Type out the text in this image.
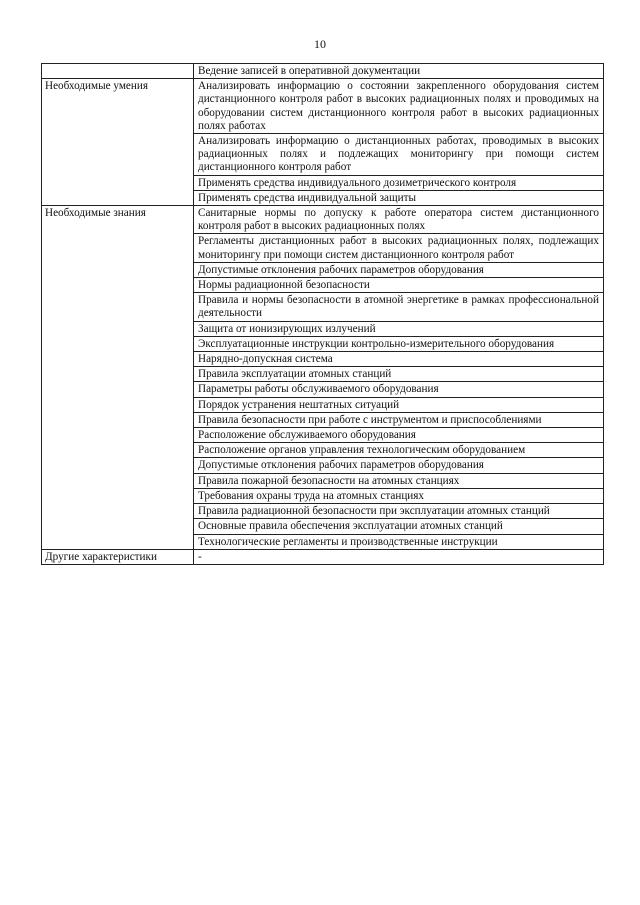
10
	Ведение записей в оперативной документации
Необходимые умения	Анализировать информацию о состоянии закрепленного оборудования систем дистанционного контроля работ в высоких радиационных полях и проводимых на оборудовании систем дистанционного контроля работ в высоких радиационных полях работах
	Анализировать информацию о дистанционных работах, проводимых в высоких радиационных полях и подлежащих мониторингу при помощи систем дистанционного контроля работ
	Применять средства индивидуального дозиметрического контроля
	Применять средства индивидуальной защиты
Необходимые знания	Санитарные нормы по допуску к работе оператора систем дистанционного контроля работ в высоких радиационных полях
	Регламенты дистанционных работ в высоких радиационных полях, подлежащих мониторингу при помощи систем дистанционного контроля работ
	Допустимые отклонения рабочих параметров оборудования
	Нормы радиационной безопасности
	Правила и нормы безопасности в атомной энергетике в рамках профессиональной деятельности
	Защита от ионизирующих излучений
	Эксплуатационные инструкции контрольно-измерительного оборудования
	Нарядно-допускная система
	Правила эксплуатации атомных станций
	Параметры работы обслуживаемого оборудования
	Порядок устранения нештатных ситуаций
	Правила безопасности при работе с инструментом и приспособлениями
	Расположение обслуживаемого оборудования
	Расположение органов управления технологическим оборудованием
	Допустимые отклонения рабочих параметров оборудования
	Правила пожарной безопасности на атомных станциях
	Требования охраны труда на атомных станциях
	Правила радиационной безопасности при эксплуатации атомных станций
	Основные правила обеспечения эксплуатации атомных станций
	Технологические регламенты и производственные инструкции
Другие характеристики	-
